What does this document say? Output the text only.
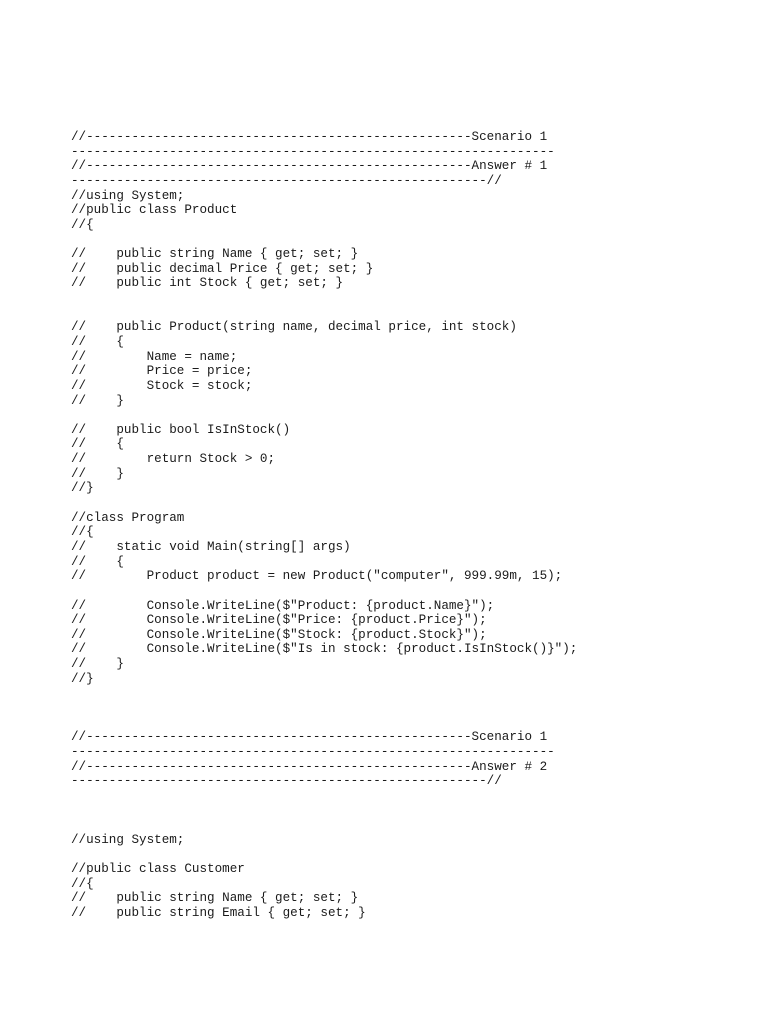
//---------------------------------------------------Scenario 1
----------------------------------------------------------------
//---------------------------------------------------Answer # 1
-------------------------------------------------------//
//using System;
//public class Product
//{
//    public string Name { get; set; }
//    public decimal Price { get; set; }
//    public int Stock { get; set; }
//    public Product(string name, decimal price, int stock)
//    {
//        Name = name;
//        Price = price;
//        Stock = stock;
//    }
//    public bool IsInStock()
//    {
//        return Stock > 0;
//    }
//}
//class Program
//{
//    static void Main(string[] args)
//    {
//        Product product = new Product("computer", 999.99m, 15);
//        Console.WriteLine($"Product: {product.Name}");
//        Console.WriteLine($"Price: {product.Price}");
//        Console.WriteLine($"Stock: {product.Stock}");
//        Console.WriteLine($"Is in stock: {product.IsInStock()}");
//    }
//}
//---------------------------------------------------Scenario 1
----------------------------------------------------------------
//---------------------------------------------------Answer # 2
-------------------------------------------------------//
//using System;
//public class Customer
//{
//    public string Name { get; set; }
//    public string Email { get; set; }
